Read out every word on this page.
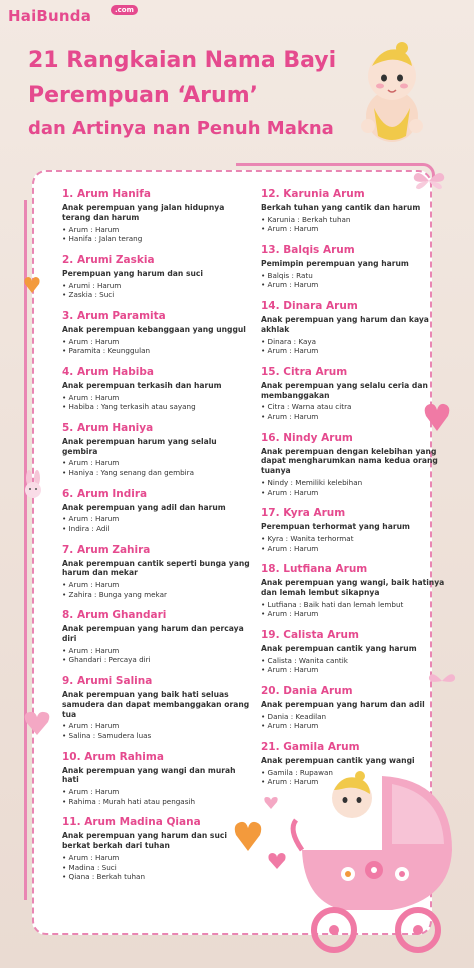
HaiBunda	.com
21 Rangkaian Nama Bayi
Perempuan ‘Arum’
dan Artinya nan Penuh Makna
1. Arum Hanifa

Anak perempuan yang jalan hidupnya terang dan harum

• Arum : Harum
• Hanifa : Jalan terang
2. Arumi Zaskia

Perempuan yang harum dan suci

• Arumi : Harum
• Zaskia : Suci
3. Arum Paramita

Anak perempuan kebanggaan yang unggul

• Arum : Harum
• Paramita : Keunggulan
4. Arum Habiba

Anak perempuan terkasih dan harum

• Arum : Harum
• Habiba : Yang terkasih atau sayang
5. Arum Haniya

Anak perempuan harum yang selalu gembira

• Arum : Harum
• Haniya : Yang senang dan gembira
6. Arum Indira

Anak perempuan yang adil dan harum

• Arum : Harum
• Indira : Adil
7. Arum Zahira

Anak perempuan cantik seperti bunga yang harum dan mekar

• Arum : Harum
• Zahira : Bunga yang mekar
8. Arum Ghandari

Anak perempuan yang harum dan percaya diri

• Arum : Harum
• Ghandari : Percaya diri
9. Arumi Salina

Anak perempuan yang baik hati seluas samudera dan dapat membanggakan orang tua

• Arum : Harum
• Salina : Samudera luas
10. Arum Rahima

Anak perempuan yang wangi dan murah hati

• Arum : Harum
• Rahima : Murah hati atau pengasih
11. Arum Madina Qiana

Anak perempuan yang harum dan suci berkat berkah dari tuhan

• Arum : Harum
• Madina : Suci
• Qiana : Berkah tuhan
12. Karunia Arum

Berkah tuhan yang cantik dan harum

• Karunia : Berkah tuhan
• Arum : Harum
13. Balqis Arum

Pemimpin perempuan yang harum

• Balqis : Ratu
• Arum : Harum
14. Dinara Arum

Anak perempuan yang harum dan kaya akhlak

• Dinara : Kaya
• Arum : Harum
15. Citra Arum

Anak perempuan yang selalu ceria dan membanggakan

• Citra : Warna atau citra
• Arum : Harum
16. Nindy Arum

Anak perempuan dengan kelebihan yang dapat mengharumkan nama kedua orang tuanya

• Nindy : Memiliki kelebihan
• Arum : Harum
17. Kyra Arum

Perempuan terhormat yang harum

• Kyra : Wanita terhormat
• Arum : Harum
18. Lutfiana Arum

Anak perempuan yang wangi, baik hatinya dan lemah lembut sikapnya

• Lutfiana : Baik hati dan lemah lembut
• Arum : Harum
19. Calista Arum

Anak perempuan cantik yang harum

• Calista : Wanita cantik
• Arum : Harum
20. Dania Arum

Anak perempuan yang harum dan adil

• Dania : Keadilan
• Arum : Harum
21. Gamila Arum

Anak perempuan cantik yang wangi

• Gamila : Rupawan
• Arum : Harum
